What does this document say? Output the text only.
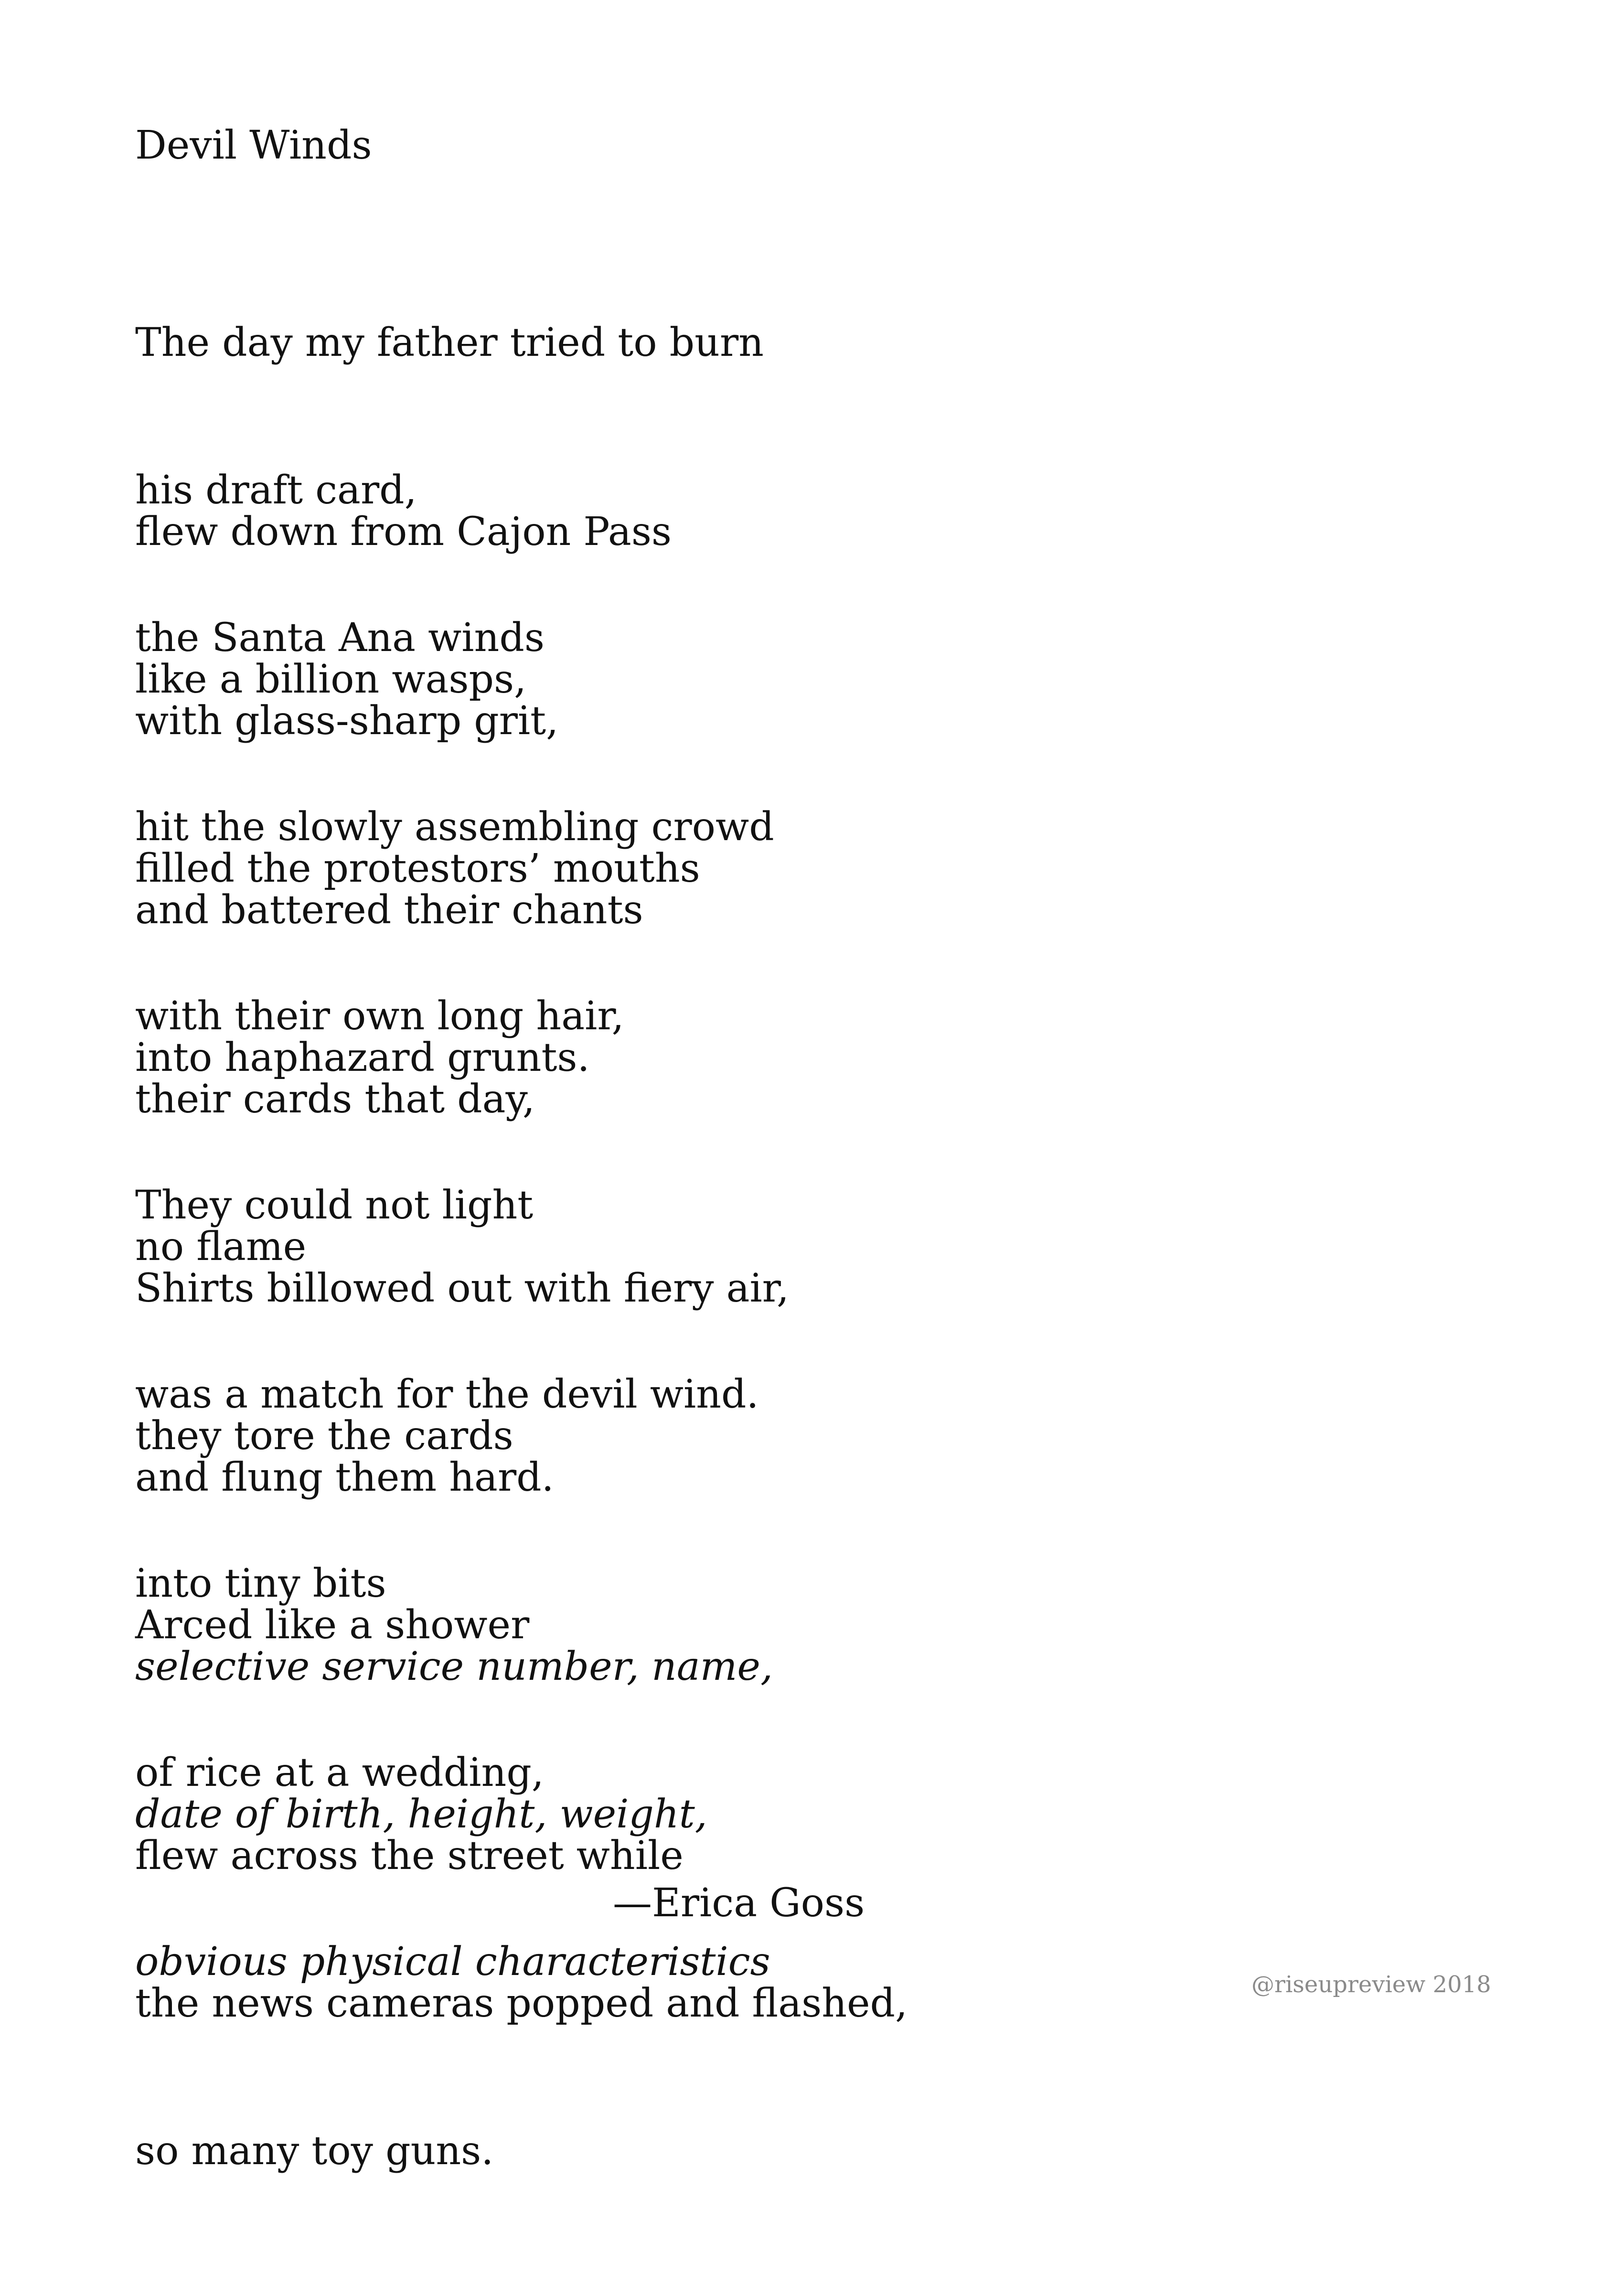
Devil Winds

The day my father tried to burn

his draft card,

the Santa Ana winds

flew down from Cajon Pass

like a billion wasps,

hit the slowly assembling crowd

with glass-sharp grit,

filled the protestors’ mouths

with their own long hair,

and battered their chants

into haphazard grunts.

They could not light

their cards that day,

no flame

was a match for the devil wind.

Shirts billowed out with fiery air,

they tore the cards

into tiny bits

and flung them hard.

Arced like a shower

of rice at a wedding,

selective service number, name,

date of birth, height, weight,

obvious physical characteristics

flew across the street while

the news cameras popped and flashed,

so many toy guns.

—Erica Goss
@riseupreview 2018
